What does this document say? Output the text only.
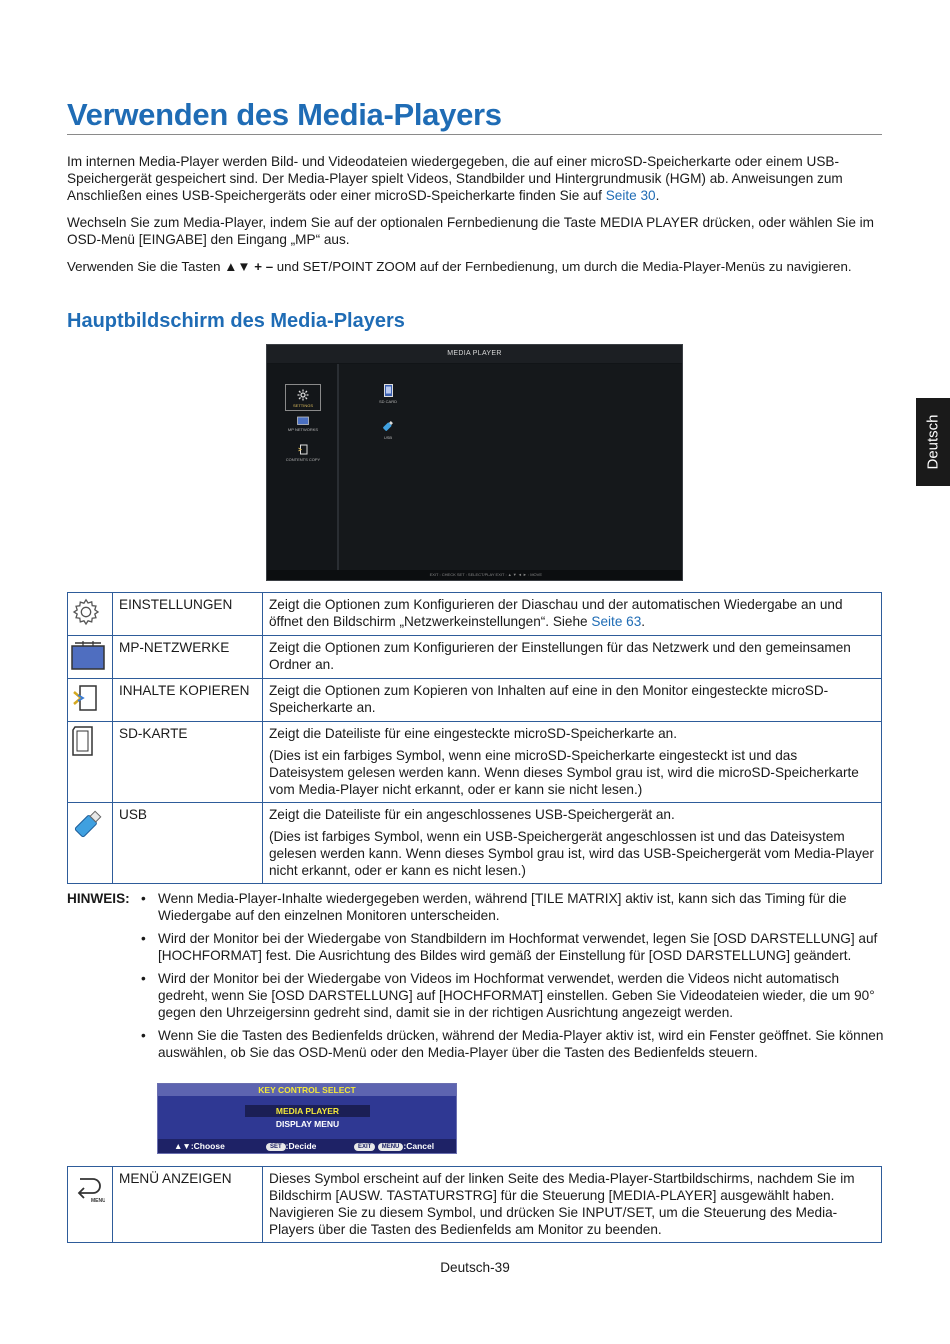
Verwenden des Media-Players

Im internen Media-Player werden Bild- und Videodateien wiedergegeben, die auf einer microSD-Speicherkarte oder einem USB-Speichergerät gespeichert sind. Der Media-Player spielt Videos, Standbilder und Hintergrundmusik (HGM) ab. Anweisungen zum Anschließen eines USB-Speichergeräts oder einer microSD-Speicherkarte finden Sie auf Seite 30.

Wechseln Sie zum Media-Player, indem Sie auf der optionalen Fernbedienung die Taste MEDIA PLAYER drücken, oder wählen Sie im OSD-Menü [EINGABE] den Eingang „MP“ aus.

Verwenden Sie die Tasten ▲▼ + – und SET/POINT ZOOM auf der Fernbedienung, um durch die Media-Player-Menüs zu navigieren.

Deutsch
Hauptbildschirm des Media-Players
MEDIA PLAYER
SETTINGS
MP NETWORKS
CONTENTS COPY
SD CARD
USB
EXIT : CHECK SET : SELECT/PLAY EXIT : ▲ ▼ ◄ ► : MOVE
	EINSTELLUNGEN	Zeigt die Optionen zum Konfigurieren der Diaschau und der automatischen Wiedergabe an und öffnet den Bildschirm „Netzwerkeinstellungen“. Siehe Seite 63.
	MP-NETZWERKE	Zeigt die Optionen zum Konfigurieren der Einstellungen für das Netzwerk und den gemeinsamen Ordner an.
	INHALTE KOPIEREN	Zeigt die Optionen zum Kopieren von Inhalten auf eine in den Monitor eingesteckte microSD-Speicherkarte an.
	SD-KARTE	Zeigt die Dateiliste für eine eingesteckte microSD-Speicherkarte an.

(Dies ist ein farbiges Symbol, wenn eine microSD-Speicherkarte eingesteckt ist und das Dateisystem gelesen werden kann. Wenn dieses Symbol grau ist, wird die microSD-Speicherkarte vom Media-Player nicht erkannt, oder er kann sie nicht lesen.)

	USB	Zeigt die Dateiliste für ein angeschlossenes USB-Speichergerät an.

(Dies ist farbiges Symbol, wenn ein USB-Speichergerät angeschlossen ist und das Dateisystem gelesen werden kann. Wenn dieses Symbol grau ist, wird das USB-Speichergerät vom Media-Player nicht erkannt, oder er kann es nicht lesen.)

HINWEIS:	• Wenn Media-Player-Inhalte wiedergegeben werden, während [TILE MATRIX] aktiv ist, kann sich das Timing für die Wiedergabe auf den einzelnen Monitoren unterscheiden.
• Wird der Monitor bei der Wiedergabe von Standbildern im Hochformat verwendet, legen Sie [OSD DARSTELLUNG] auf [HOCHFORMAT] fest. Die Ausrichtung des Bildes wird gemäß der Einstellung für [OSD DARSTELLUNG] geändert.
• Wird der Monitor bei der Wiedergabe von Videos im Hochformat verwendet, werden die Videos nicht automatisch gedreht, wenn Sie [OSD DARSTELLUNG] auf [HOCHFORMAT] einstellen. Geben Sie Videodateien wieder, die um 90° gegen den Uhrzeigersinn gedreht sind, damit sie in der richtigen Ausrichtung angezeigt werden.
• Wenn Sie die Tasten des Bedienfelds drücken, während der Media-Player aktiv ist, wird ein Fenster geöffnet. Sie können auswählen, ob Sie das OSD-Menü oder den Media-Player über die Tasten des Bedienfelds steuern.
KEY CONTROL SELECT
MEDIA PLAYER
DISPLAY MENU
▲▼:Choose	SET :Decide	EXIT MENU :Cancel
MENU
	MENÜ ANZEIGEN	Dieses Symbol erscheint auf der linken Seite des Media-Player-Startbildschirms, nachdem Sie im Bildschirm [AUSW. TASTATURSTRG] für die Steuerung [MEDIA-PLAYER] ausgewählt haben. Navigieren Sie zu diesem Symbol, und drücken Sie INPUT/SET, um die Steuerung des Media-Players über die Tasten des Bedienfelds am Monitor zu beenden.
Deutsch-39
